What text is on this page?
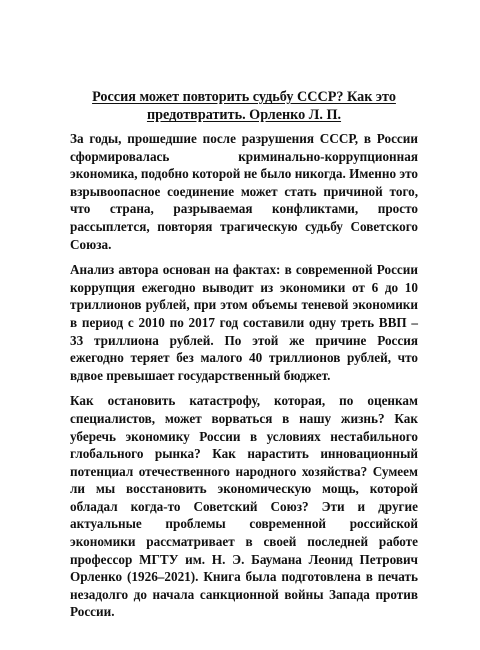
Россия может повторить судьбу СССР? Как это предотвратить. Орленко Л. П.

За годы, прошедшие после разрушения СССР, в России сформировалась криминально-коррупционная экономика, подобно которой не было никогда. Именно это взрывоопасное соединение может стать причиной того, что страна, разрываемая конфликтами, просто рассыплется, повторяя трагическую судьбу Советского Союза.

Анализ автора основан на фактах: в современной России коррупция ежегодно выводит из экономики от 6 до 10 триллионов рублей, при этом объемы теневой экономики в период с 2010 по 2017 год составили одну треть ВВП – 33 триллиона рублей. По этой же причине Россия ежегодно теряет без малого 40 триллионов рублей, что вдвое превышает государственный бюджет.

Как остановить катастрофу, которая, по оценкам специалистов, может ворваться в нашу жизнь? Как уберечь экономику России в условиях нестабильного глобального рынка? Как нарастить инновационный потенциал отечественного народного хозяйства? Сумеем ли мы восстановить экономическую мощь, которой обладал когда-то Советский Союз? Эти и другие актуальные проблемы современной российской экономики рассматривает в своей последней работе профессор МГТУ им. Н. Э. Баумана Леонид Петрович Орленко (1926–2021). Книга была подготовлена в печать незадолго до начала санкционной войны Запада против России.
